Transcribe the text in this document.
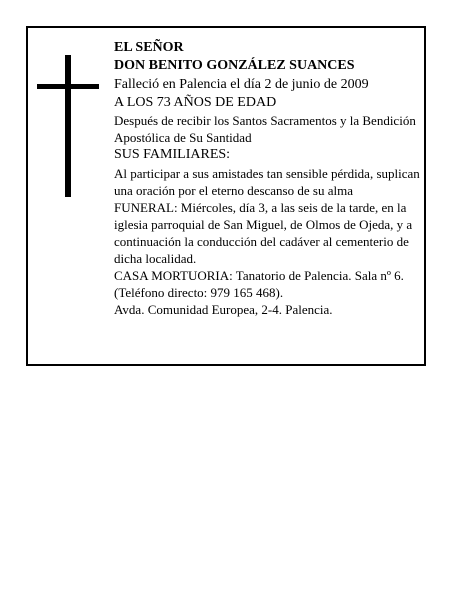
EL SEÑOR

DON BENITO GONZÁLEZ SUANCES

Falleció en Palencia el día 2 de junio de 2009

A LOS 73 AÑOS DE EDAD

Después de recibir los Santos Sacramentos y la Bendición Apostólica de Su Santidad

SUS FAMILIARES:

Al participar a sus amistades tan sensible pérdida, suplican una oración por el eterno descanso de su alma

FUNERAL: Miércoles, día 3, a las seis de la tarde, en la iglesia parroquial de San Miguel, de Olmos de Ojeda, y a continuación la conducción del cadáver al cementerio de dicha localidad.

CASA MORTUORIA: Tanatorio de Palencia. Sala nº 6. (Teléfono directo: 979 165 468).

Avda. Comunidad Europea, 2-4. Palencia.
